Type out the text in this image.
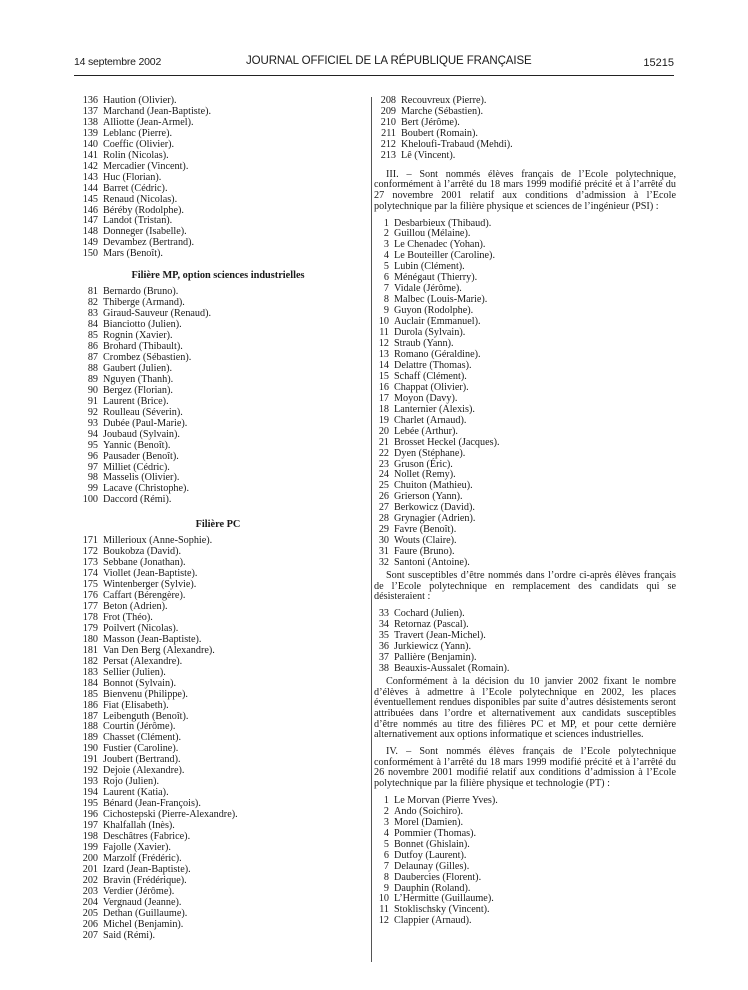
14 septembre 2002	JOURNAL OFFICIEL DE LA RÉPUBLIQUE FRANÇAISE	15215
136 Haution (Olivier).
137 Marchand (Jean-Baptiste).
138 Alliotte (Jean-Armel).
139 Leblanc (Pierre).
140 Coeffic (Olivier).
141 Rolin (Nicolas).
142 Mercadier (Vincent).
143 Huc (Florian).
144 Barret (Cédric).
145 Renaud (Nicolas).
146 Béréby (Rodolphe).
147 Landot (Tristan).
148 Donneger (Isabelle).
149 Devambez (Bertrand).
150 Mars (Benoît).
Filière MP, option sciences industrielles
81 Bernardo (Bruno).
82 Thiberge (Armand).
83 Giraud-Sauveur (Renaud).
84 Bianciotto (Julien).
85 Rognin (Xavier).
86 Brohard (Thibault).
87 Crombez (Sébastien).
88 Gaubert (Julien).
89 Nguyen (Thanh).
90 Bergez (Florian).
91 Laurent (Brice).
92 Roulleau (Séverin).
93 Dubée (Paul-Marie).
94 Joubaud (Sylvain).
95 Yannic (Benoît).
96 Pausader (Benoît).
97 Milliet (Cédric).
98 Masselis (Olivier).
99 Lacave (Christophe).
100 Daccord (Rémi).
Filière PC
171 Millerioux (Anne-Sophie).
172 Boukobza (David).
173 Sebbane (Jonathan).
174 Viollet (Jean-Baptiste).
175 Wintenberger (Sylvie).
176 Caffart (Bérengère).
177 Beton (Adrien).
178 Frot (Théo).
179 Poilvert (Nicolas).
180 Masson (Jean-Baptiste).
181 Van Den Berg (Alexandre).
182 Persat (Alexandre).
183 Sellier (Julien).
184 Bonnot (Sylvain).
185 Bienvenu (Philippe).
186 Fiat (Elisabeth).
187 Leibenguth (Benoît).
188 Courtin (Jérôme).
189 Chasset (Clément).
190 Fustier (Caroline).
191 Joubert (Bertrand).
192 Dejoie (Alexandre).
193 Rojo (Julien).
194 Laurent (Katia).
195 Bénard (Jean-François).
196 Cichostepski (Pierre-Alexandre).
197 Khalfallah (Inès).
198 Deschâtres (Fabrice).
199 Fajolle (Xavier).
200 Marzolf (Frédéric).
201 Izard (Jean-Baptiste).
202 Bravin (Frédérique).
203 Verdier (Jérôme).
204 Vergnaud (Jeanne).
205 Dethan (Guillaume).
206 Michel (Benjamin).
207 Said (Rémi).
208 Recouvreux (Pierre).
209 Marche (Sébastien).
210 Bert (Jérôme).
211 Boubert (Romain).
212 Kheloufi-Trabaud (Mehdi).
213 Lê (Vincent).

III. – Sont nommés élèves français de l’Ecole polytechnique, conformément à l’arrêté du 18 mars 1999 modifié précité et à l’arrêté du 27 novembre 2001 relatif aux conditions d’admission à l’Ecole polytechnique par la filière physique et sciences de l’ingénieur (PSI) :

1 Desbarbieux (Thibaud).
2 Guillou (Mélaine).
3 Le Chenadec (Yohan).
4 Le Bouteiller (Caroline).
5 Lubin (Clément).
6 Ménégaut (Thierry).
7 Vidale (Jérôme).
8 Malbec (Louis-Marie).
9 Guyon (Rodolphe).
10 Auclair (Emmanuel).
11 Durola (Sylvain).
12 Straub (Yann).
13 Romano (Géraldine).
14 Delattre (Thomas).
15 Schaff (Clément).
16 Chappat (Olivier).
17 Moyon (Davy).
18 Lanternier (Alexis).
19 Charlet (Arnaud).
20 Lebée (Arthur).
21 Brosset Heckel (Jacques).
22 Dyen (Stéphane).
23 Gruson (Éric).
24 Nollet (Remy).
25 Chuiton (Mathieu).
26 Grierson (Yann).
27 Berkowicz (David).
28 Grynagier (Adrien).
29 Favre (Benoît).
30 Wouts (Claire).
31 Faure (Bruno).
32 Santoni (Antoine).

Sont susceptibles d’être nommés dans l’ordre ci-après élèves français de l’Ecole polytechnique en remplacement des candidats qui se désisteraient :

33 Cochard (Julien).
34 Retornaz (Pascal).
35 Travert (Jean-Michel).
36 Jurkiewicz (Yann).
37 Pallière (Benjamin).
38 Beauxis-Aussalet (Romain).

Conformément à la décision du 10 janvier 2002 fixant le nombre d’élèves à admettre à l’Ecole polytechnique en 2002, les places éventuellement rendues disponibles par suite d’autres désistements seront attribuées dans l’ordre et alternativement aux candidats susceptibles d’être nommés au titre des filières PC et MP, et pour cette dernière alternativement aux options informatique et sciences industrielles.

IV. – Sont nommés élèves français de l’Ecole polytechnique conformément à l’arrêté du 18 mars 1999 modifié précité et à l’arrêté du 26 novembre 2001 modifié relatif aux conditions d’admission à l’Ecole polytechnique par la filière physique et technologie (PT) :

1 Le Morvan (Pierre Yves).
2 Ando (Soichiro).
3 Morel (Damien).
4 Pommier (Thomas).
5 Bonnet (Ghislain).
6 Dutfoy (Laurent).
7 Delaunay (Gilles).
8 Daubercies (Florent).
9 Dauphin (Roland).
10 L’Hermitte (Guillaume).
11 Stoklischsky (Vincent).
12 Clappier (Arnaud).
